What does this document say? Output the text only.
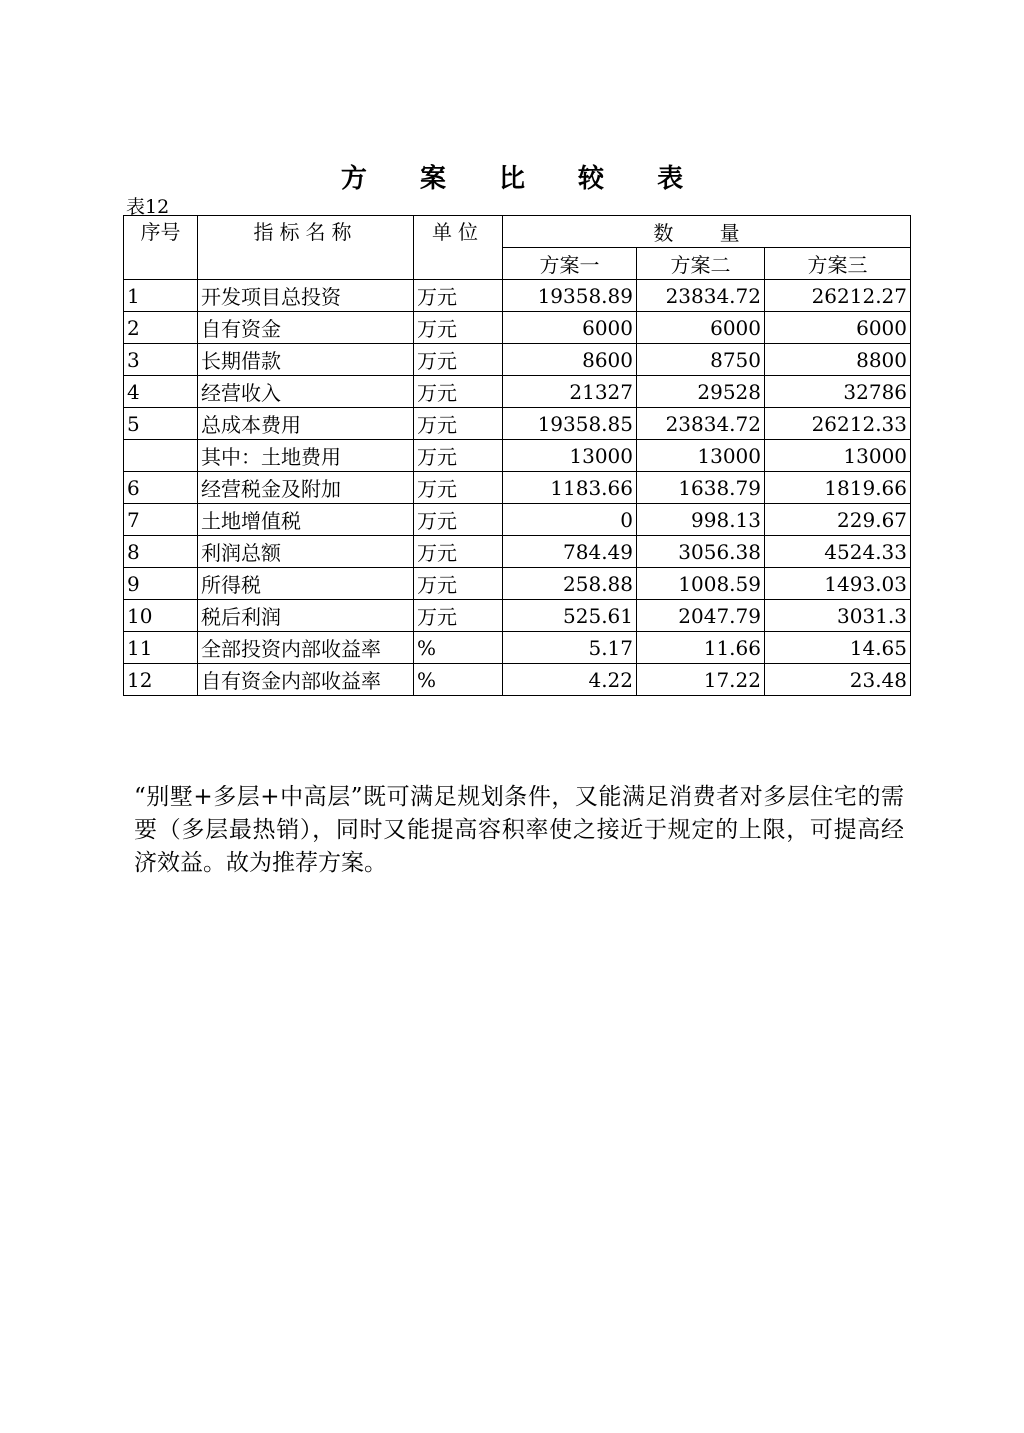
方 案 比 较 表
表12
序号	指标名称	单位	数 量		
			方案一	方案二	方案三
1	开发项目总投资	万元	19358.89	23834.72	26212.27
2	自有资金	万元	6000	6000	6000
3	长期借款	万元	8600	8750	8800
4	经营收入	万元	21327	29528	32786
5	总成本费用	万元	19358.85	23834.72	26212.33
	其中：土地费用	万元	13000	13000	13000
6	经营税金及附加	万元	1183.66	1638.79	1819.66
7	土地增值税	万元	0	998.13	229.67
8	利润总额	万元	784.49	3056.38	4524.33
9	所得税	万元	258.88	1008.59	1493.03
10	税后利润	万元	525.61	2047.79	3031.3
11	全部投资内部收益率	%	5.17	11.66	14.65
12	自有资金内部收益率	%	4.22	17.22	23.48

“别墅+多层+中高层”既可满足规划条件，又能满足消费者对多层住宅的需要（多层最热销），同时又能提高容积率使之接近于规定的上限，可提高经济效益。故为推荐方案。
